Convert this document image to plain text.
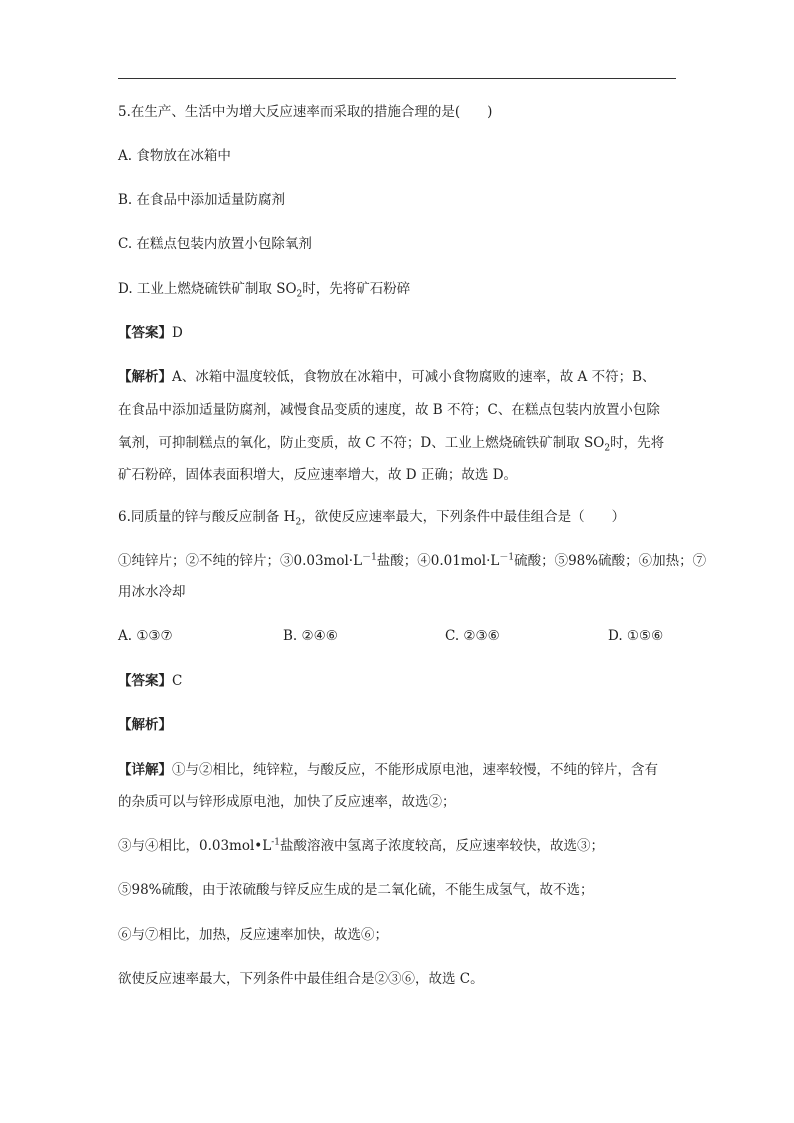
5.在生产、生活中为增大反应速率而采取的措施合理的是(　　)
A. 食物放在冰箱中
B. 在食品中添加适量防腐剂
C. 在糕点包装内放置小包除氧剂
D. 工业上燃烧硫铁矿制取 $SO_2$时，先将矿石粉碎
【答案】D
【解析】A、冰箱中温度较低，食物放在冰箱中，可减小食物腐败的速率，故 A 不符；B、
在食品中添加适量防腐剂，减慢食品变质的速度，故 B 不符；C、在糕点包装内放置小包除
氧剂，可抑制糕点的氧化，防止变质，故 C 不符；D、工业上燃烧硫铁矿制取 $SO_2$时，先将
矿石粉碎，固体表面积增大，反应速率增大，故 D 正确；故选 D。
6.同质量的锌与酸反应制备 $H_2$，欲使反应速率最大，下列条件中最佳组合是（　　）
①纯锌片；②不纯的锌片；$③0.03mol\cdot L^{-1}$盐酸；$④0.01mol\cdot L^{-1}$硫酸；⑤98%硫酸；⑥加热；⑦
用冰水冷却
A. ①③⑦	B. ②④⑥	C. ②③⑥	D. ①⑤⑥
【答案】C
【解析】
【详解】①与②相比，纯锌粒，与酸反应，不能形成原电池，速率较慢，不纯的锌片，含有
的杂质可以与锌形成原电池，加快了反应速率，故选②；
③与④相比，$0.03mol•L^{-1}$盐酸溶液中氢离子浓度较高，反应速率较快，故选③；
⑤98%硫酸，由于浓硫酸与锌反应生成的是二氧化硫，不能生成氢气，故不选；
⑥与⑦相比，加热，反应速率加快，故选⑥；
欲使反应速率最大，下列条件中最佳组合是②③⑥，故选 C。
